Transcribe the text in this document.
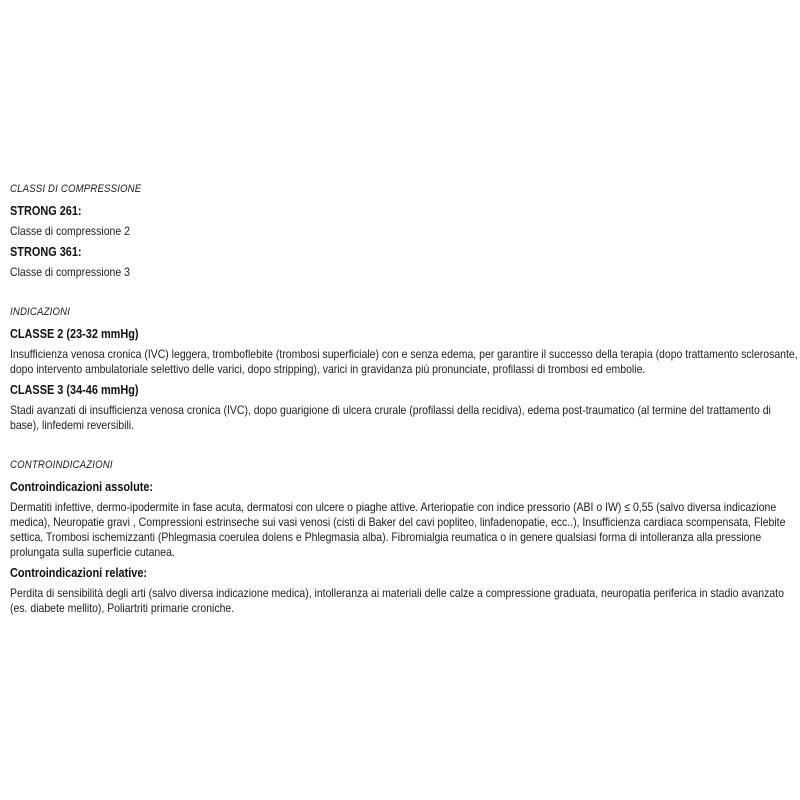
CLASSI DI COMPRESSIONE

STRONG 261:

Classe di compressione 2

STRONG 361:

Classe di compressione 3

INDICAZIONI

CLASSE 2 (23-32 mmHg)

Insufficienza venosa cronica (IVC) leggera, tromboflebite (trombosi superficiale) con e senza edema, per garantire il successo della terapia (dopo trattamento sclerosante, dopo intervento ambulatoriale selettivo delle varici, dopo stripping), varici in gravidanza più pronunciate, profilassi di trombosi ed embolie.

CLASSE 3 (34-46 mmHg)

Stadi avanzati di insufficienza venosa cronica (IVC), dopo guarigione di ulcera crurale (profilassi della recidiva), edema post-traumatico (al termine del trattamento di base), linfedemi reversibili.

CONTROINDICAZIONI

Controindicazioni assolute:

Dermatiti infettive, dermo-ipodermite in fase acuta, dermatosi con ulcere o piaghe attive. Arteriopatie con indice pressorio (ABI o IW) ≤ 0,55 (salvo diversa indicazione medica), Neuropatie gravi , Compressioni estrinseche sui vasi venosi (cisti di Baker del cavi popliteo, linfadenopatie, ecc..), Insufficienza cardiaca scompensata, Flebite settica, Trombosi ischemizzanti (Phlegmasia coerulea dolens e Phlegmasia alba). Fibromialgia reumatica o in genere qualsiasi forma di intolleranza alla pressione prolungata sulla superficie cutanea.

Controindicazioni relative:

Perdita di sensibilità degli arti (salvo diversa indicazione medica), intolleranza ai materiali delle calze a compressione graduata, neuropatia periferica in stadio avanzato (es. diabete mellito), Poliartriti primarie croniche.
